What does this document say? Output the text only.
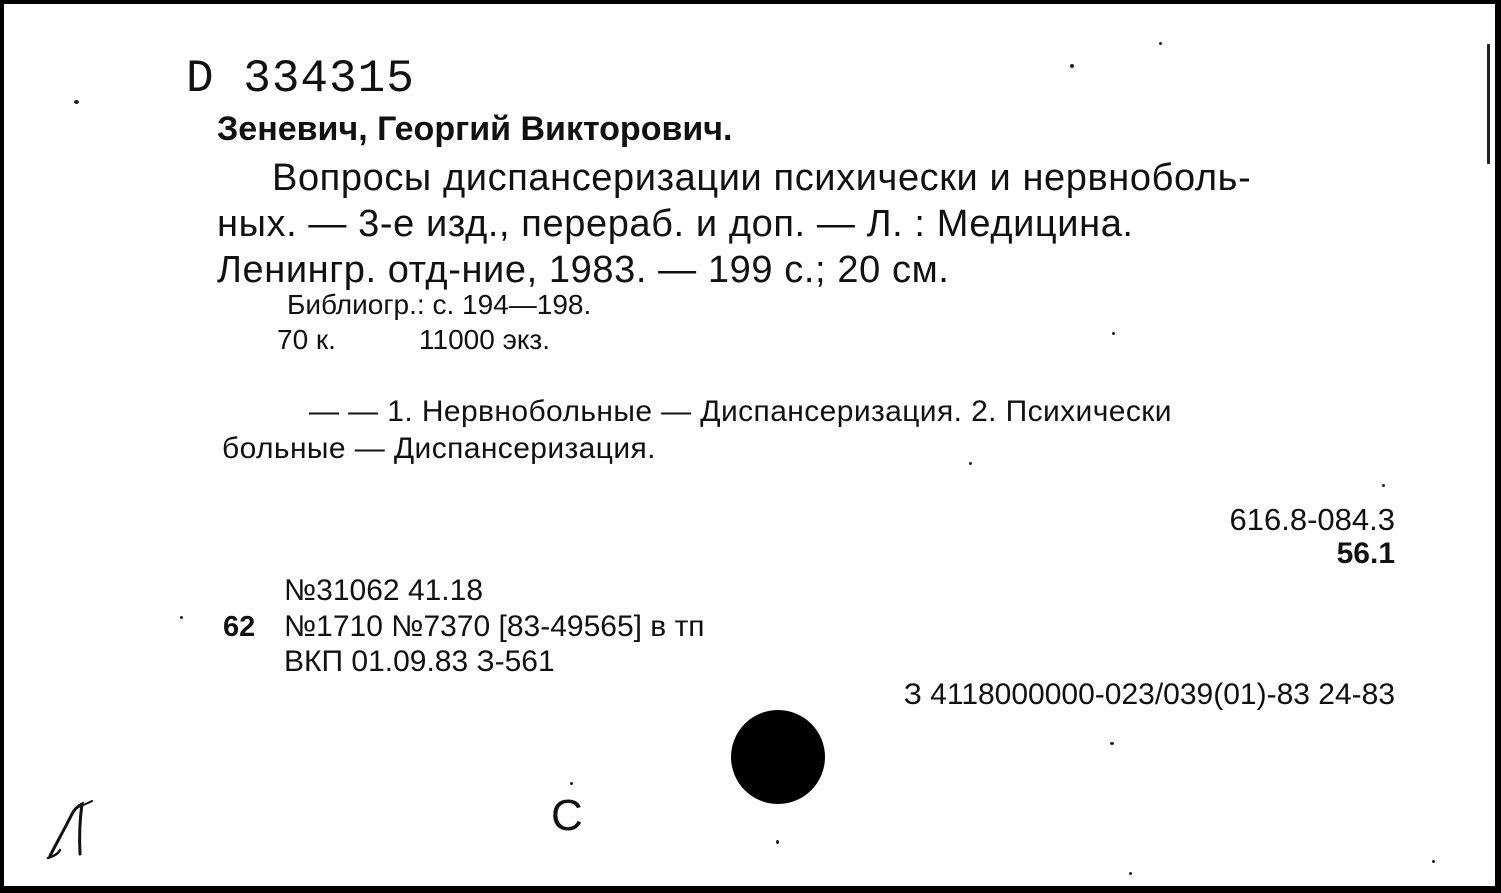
D 334315
Зеневич, Георгий Викторович.
Вопросы диспансеризации психически и нервноболь-
ных. — 3-е изд., перераб. и доп. — Л. : Медицина.
Ленингр. отд-ние, 1983. — 199 с.; 20 см.
Библиогр.: с. 194—198.
70 к.	11000 экз.
— — 1. Нервнобольные — Диспансеризация. 2. Психически
больные — Диспансеризация.
616.8-084.3
56.1
№31062 41.18
62 №1710 №7370 [83-49565] в тп
ВКП 01.09.83 З-561
З 4118000000-023/039(01)-83 24-83
С
